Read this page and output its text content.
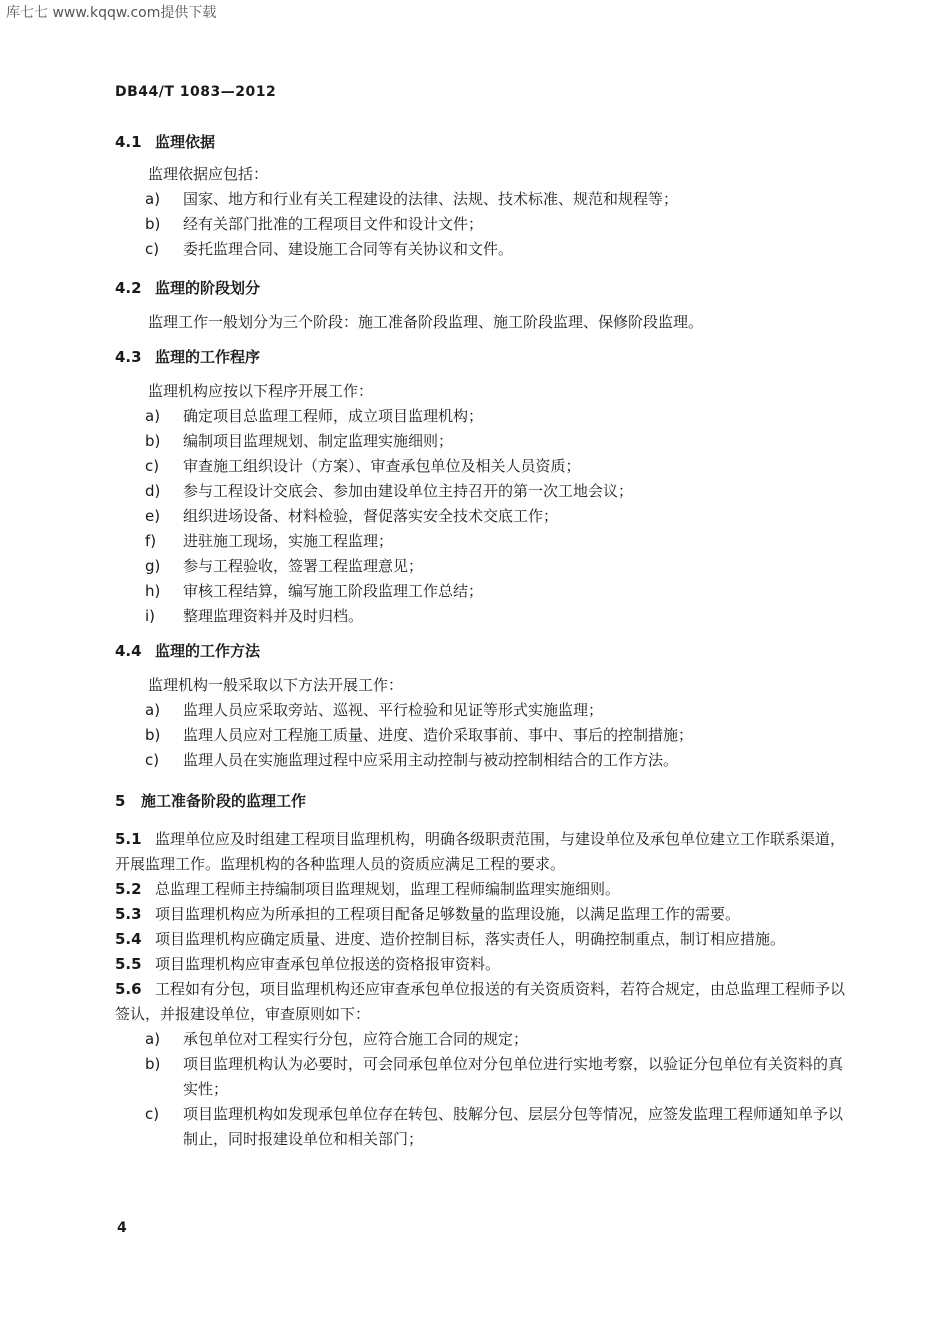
库七七 www.kqqw.com提供下载
DB44/T 1083—2012
4.1 监理依据
监理依据应包括：
a)	国家、地方和行业有关工程建设的法律、法规、技术标准、规范和规程等；
b)	经有关部门批准的工程项目文件和设计文件；
c)	委托监理合同、建设施工合同等有关协议和文件。
4.2 监理的阶段划分
监理工作一般划分为三个阶段：施工准备阶段监理、施工阶段监理、保修阶段监理。
4.3 监理的工作程序
监理机构应按以下程序开展工作：
a)	确定项目总监理工程师，成立项目监理机构；
b)	编制项目监理规划、制定监理实施细则；
c)	审查施工组织设计（方案）、审查承包单位及相关人员资质；
d)	参与工程设计交底会、参加由建设单位主持召开的第一次工地会议；
e)	组织进场设备、材料检验，督促落实安全技术交底工作；
f)	进驻施工现场，实施工程监理；
g)	参与工程验收，签署工程监理意见；
h)	审核工程结算，编写施工阶段监理工作总结；
i)	整理监理资料并及时归档。
4.4 监理的工作方法
监理机构一般采取以下方法开展工作：
a)	监理人员应采取旁站、巡视、平行检验和见证等形式实施监理；
b)	监理人员应对工程施工质量、进度、造价采取事前、事中、事后的控制措施；
c)	监理人员在实施监理过程中应采用主动控制与被动控制相结合的工作方法。
5 施工准备阶段的监理工作
5.1 监理单位应及时组建工程项目监理机构，明确各级职责范围，与建设单位及承包单位建立工作联系渠道，开展监理工作。监理机构的各种监理人员的资质应满足工程的要求。
5.2 总监理工程师主持编制项目监理规划，监理工程师编制监理实施细则。
5.3 项目监理机构应为所承担的工程项目配备足够数量的监理设施，以满足监理工作的需要。
5.4 项目监理机构应确定质量、进度、造价控制目标，落实责任人，明确控制重点，制订相应措施。
5.5 项目监理机构应审查承包单位报送的资格报审资料。
5.6 工程如有分包，项目监理机构还应审查承包单位报送的有关资质资料，若符合规定，由总监理工程师予以签认，并报建设单位，审查原则如下：
a)	承包单位对工程实行分包，应符合施工合同的规定；
b)	项目监理机构认为必要时，可会同承包单位对分包单位进行实地考察，以验证分包单位有关资料的真实性；
c)	项目监理机构如发现承包单位存在转包、肢解分包、层层分包等情况，应签发监理工程师通知单予以制止，同时报建设单位和相关部门；
4
